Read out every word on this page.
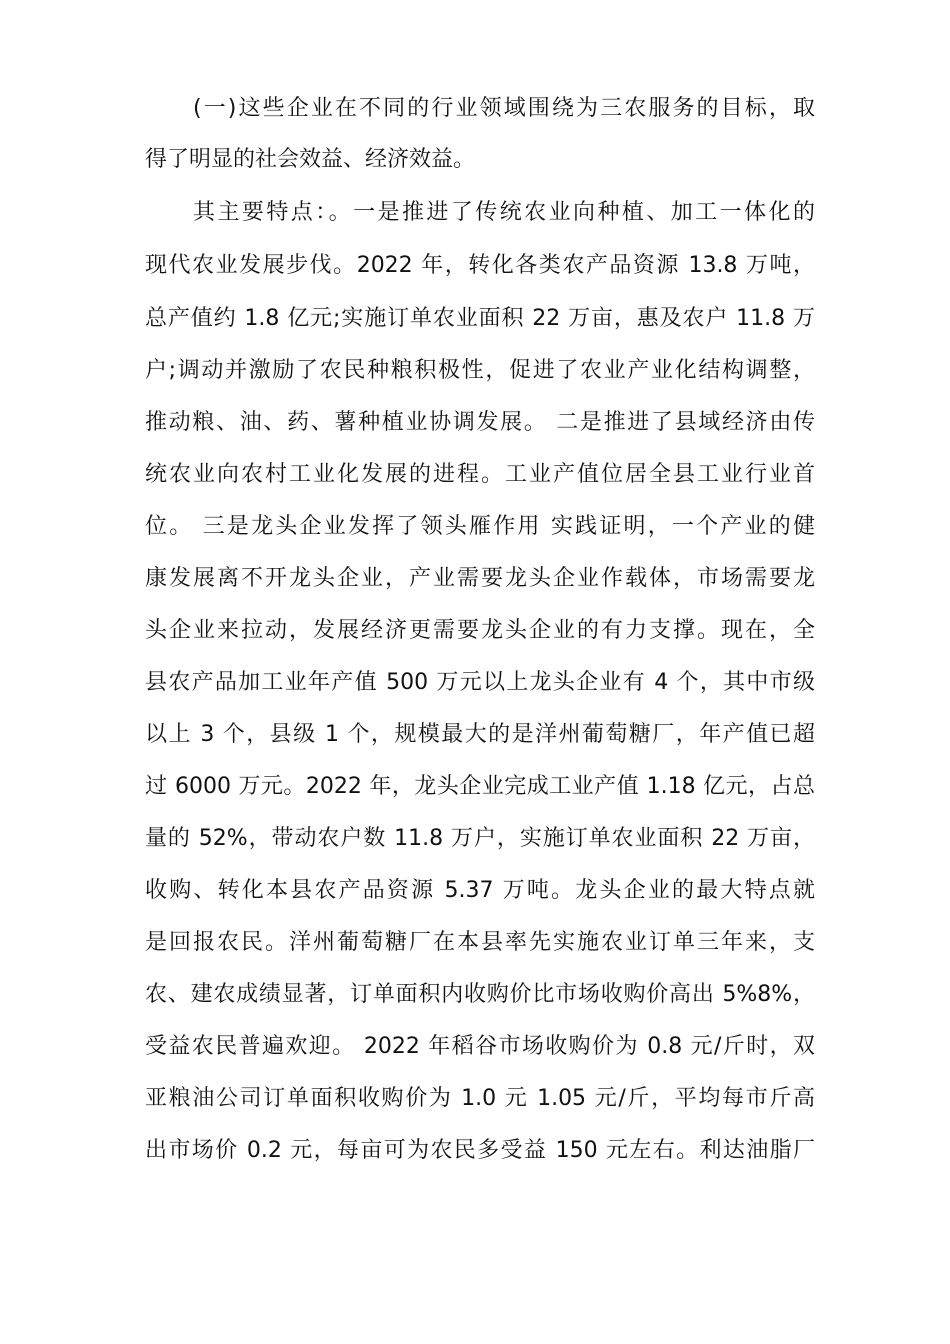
(一)这些企业在不同的行业领域围绕为三农服务的目标，取
得了明显的社会效益、经济效益。
其主要特点：。一是推进了传统农业向种植、加工一体化的
现代农业发展步伐。2022 年，转化各类农产品资源 13.8 万吨，
总产值约 1.8 亿元;实施订单农业面积 22 万亩，惠及农户 11.8 万
户;调动并激励了农民种粮积极性，促进了农业产业化结构调整，
推动粮、油、药、薯种植业协调发展。 二是推进了县域经济由传
统农业向农村工业化发展的进程。工业产值位居全县工业行业首
位。 三是龙头企业发挥了领头雁作用 实践证明，一个产业的健
康发展离不开龙头企业，产业需要龙头企业作载体，市场需要龙
头企业来拉动，发展经济更需要龙头企业的有力支撑。现在，全
县农产品加工业年产值 500 万元以上龙头企业有 4 个，其中市级
以上 3 个，县级 1 个，规模最大的是洋州葡萄糖厂，年产值已超
过 6000 万元。2022 年，龙头企业完成工业产值 1.18 亿元，占总
量的 52%，带动农户数 11.8 万户，实施订单农业面积 22 万亩，
收购、转化本县农产品资源 5.37 万吨。龙头企业的最大特点就
是回报农民。洋州葡萄糖厂在本县率先实施农业订单三年来，支
农、建农成绩显著，订单面积内收购价比市场收购价高出 5%8%，
受益农民普遍欢迎。 2022 年稻谷市场收购价为 0.8 元/斤时，双
亚粮油公司订单面积收购价为 1.0 元 1.05 元/斤，平均每市斤高
出市场价 0.2 元，每亩可为农民多受益 150 元左右。利达油脂厂
